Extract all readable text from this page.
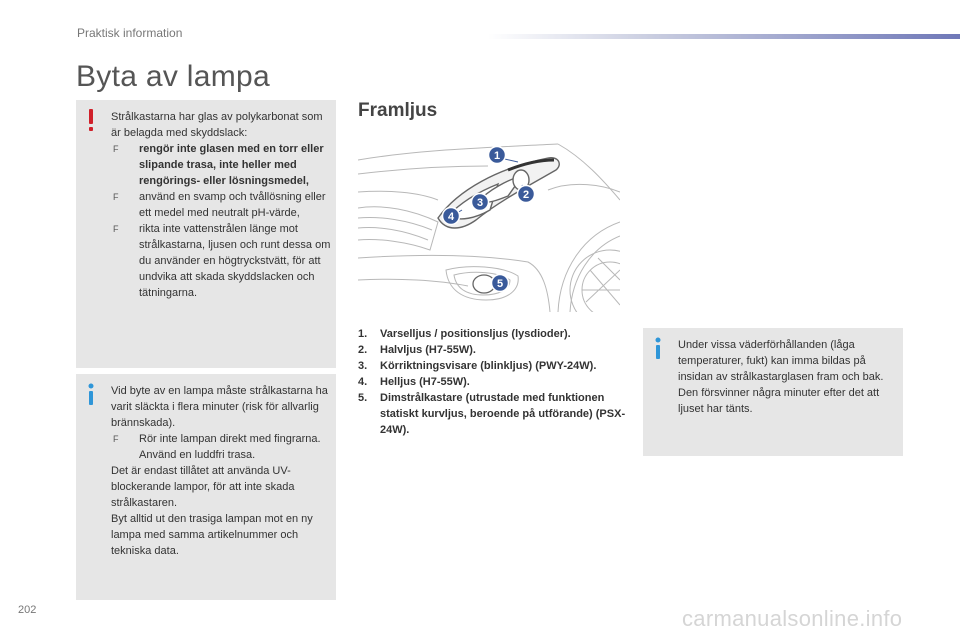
Praktisk information
Byta av lampa

Strålkastarna har glas av polykarbonat som är belagda med skyddslack:

F	rengör inte glasen med en torr eller slipande trasa, inte heller med rengörings- eller lösningsmedel,
F	använd en svamp och tvållösning eller ett medel med neutralt pH-värde,
F	rikta inte vattenstrålen länge mot strålkastarna, ljusen och runt dessa om du använder en högtryckstvätt, för att undvika att skada skyddslacken och tätningarna.

Vid byte av en lampa måste strålkastarna ha varit släckta i flera minuter (risk för allvarlig brännskada).

F	Rör inte lampan direkt med fingrarna. Använd en luddfri trasa.

Det är endast tillåtet att använda UV-blockerande lampor, för att inte skada strålkastaren.

Byt alltid ut den trasiga lampan mot en ny lampa med samma artikelnummer och tekniska data.

Framljus
1
2
3
4
5
1.	Varselljus / positionsljus (lysdioder).
2.	Halvljus (H7-55W).
3.	Körriktningsvisare (blinkljus) (PWY-24W).
4.	Helljus (H7-55W).
5.	Dimstrålkastare (utrustade med funktionen statiskt kurvljus, beroende på utförande) (PSX-24W).

Under vissa väderförhållanden (låga temperaturer, fukt) kan imma bildas på insidan av strålkastarglasen fram och bak. Den försvinner några minuter efter det att ljuset har tänts.

202	carmanualsonline.info
